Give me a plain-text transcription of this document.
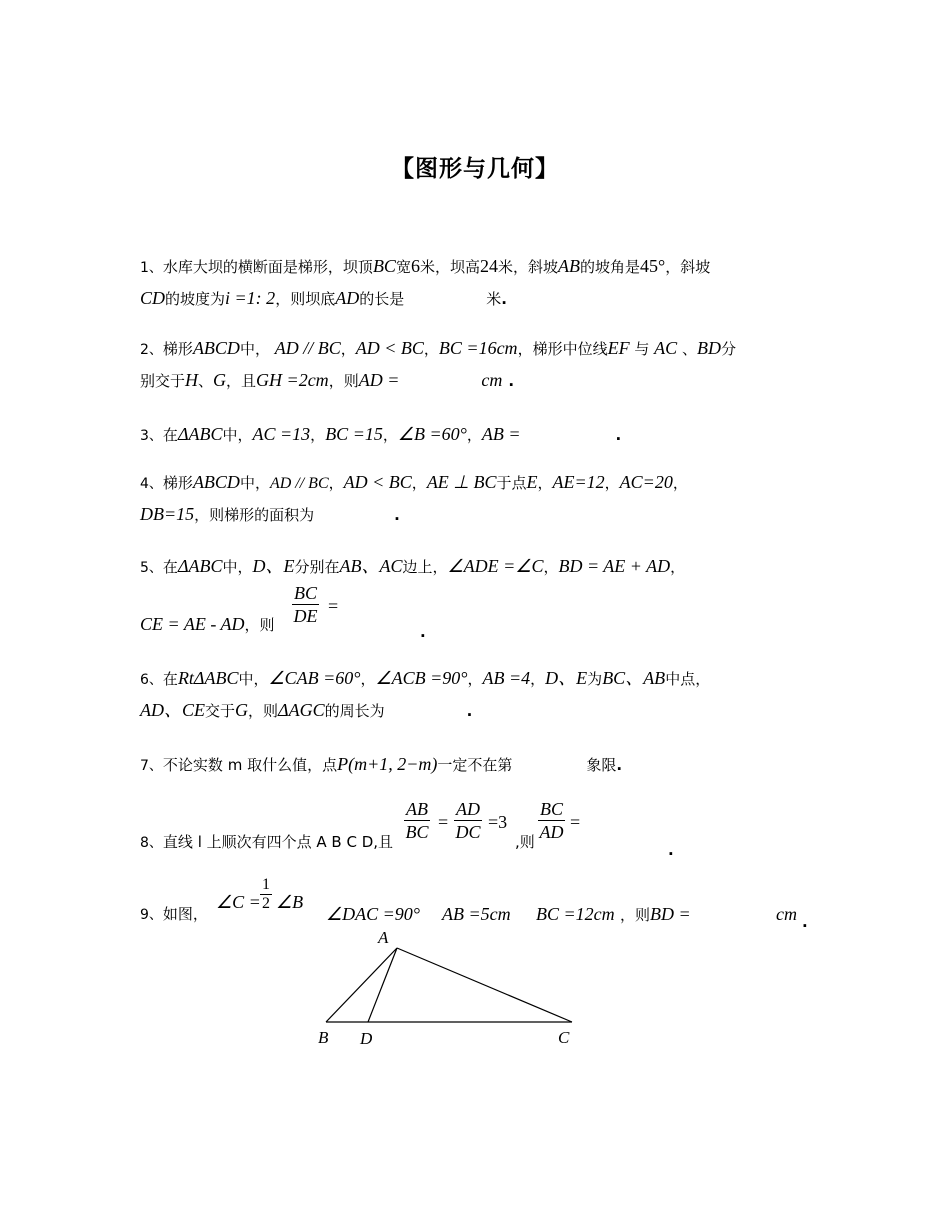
【图形与几何】
1、水库大坝的横断面是梯形，坝顶BC宽6米，坝高24米，斜坡AB的坡角是45°，斜坡
CD的坡度为i =1: 2，则坝底AD的长是	米.
2、梯形ABCD中， AD // BC，AD < BC，BC =16cm，梯形中位线EF 与 AC 、BD分
别交于H、G，且GH =2cm，则AD =	cm .
3、在ΔABC中，AC =13，BC =15，∠B =60°，AB =	.
4、梯形ABCD中，AD // BC，AD < BC，AE ⊥ BC于点E，AE=12，AC=20，
DB=15，则梯形的面积为	.
5、在ΔABC中，D、E分别在AB、AC边上，∠ADE =∠C，BD = AE + AD，
CE = AE - AD，则 $\frac{BC}{DE}$ =
.
6、在RtΔABC中，∠CAB =60°，∠ACB =90°，AB =4，D、E为BC、AB中点，
AD、CE交于G，则ΔAGC的周长为	.
7、不论实数 m 取什么值，点P(m+1, 2−m)一定不在第	象限.
8、直线 l 上顺次有四个点 A B C D,且 $\frac{AB}{BC} = \frac{AD}{DC} =3$
,则 $\frac{BC}{AD}$ =
.
9、如图，
∠C = $\frac{1}{2}$ ∠B
∠DAC =90° AB =5cm BC =12cm ，则BD =	cm .
A
B D	C
